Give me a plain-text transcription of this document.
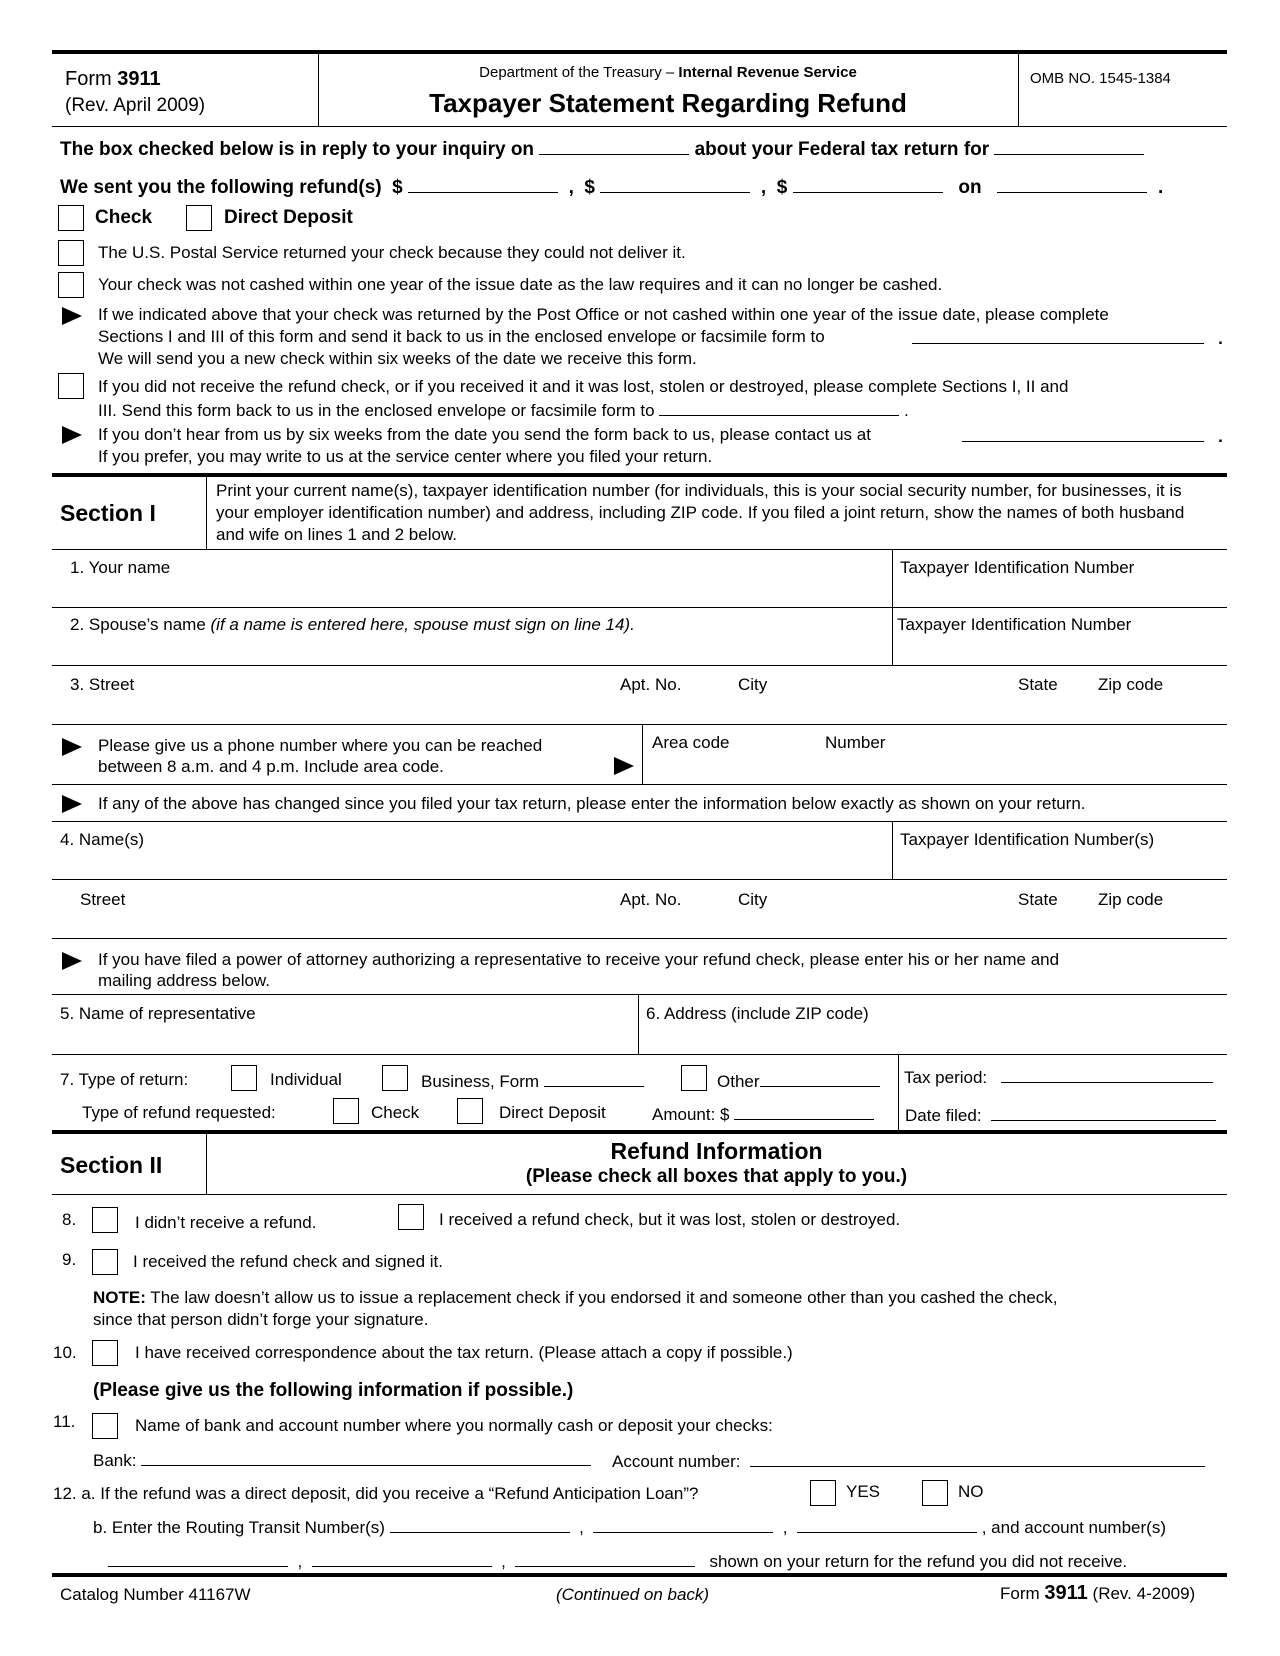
Form 3911
(Rev. April 2009)
Department of the Treasury – Internal Revenue Service
Taxpayer Statement Regarding Refund
OMB NO. 1545-1384
The box checked below is in reply to your inquiry on	about your Federal tax return for
We sent you the following refund(s) $	, $	, $	on	.
Check	Direct Deposit
The U.S. Postal Service returned your check because they could not deliver it.
Your check was not cashed within one year of the issue date as the law requires and it can no longer be cashed.
If we indicated above that your check was returned by the Post Office or not cashed within one year of the issue date, please complete
Sections I and III of this form and send it back to us in the enclosed envelope or facsimile form to	.
We will send you a new check within six weeks of the date we receive this form.
If you did not receive the refund check, or if you received it and it was lost, stolen or destroyed, please complete Sections I, II and
III. Send this form back to us in the enclosed envelope or facsimile form to	.
If you don’t hear from us by six weeks from the date you send the form back to us, please contact us at	.
If you prefer, you may write to us at the service center where you filed your return.
Section I
Print your current name(s), taxpayer identification number (for individuals, this is your social security number, for businesses, it is your employer identification number) and address, including ZIP code. If you filed a joint return, show the names of both husband and wife on lines 1 and 2 below.
1. Your name	Taxpayer Identification Number
2. Spouse’s name (if a name is entered here, spouse must sign on line 14).	Taxpayer Identification Number
3. Street	Apt. No.	City	State Zip code
Please give us a phone number where you can be reached
between 8 a.m. and 4 p.m. Include area code.
Area code	Number
If any of the above has changed since you filed your tax return, please enter the information below exactly as shown on your return.
4. Name(s)	Taxpayer Identification Number(s)
Street	Apt. No.	City	State Zip code
If you have filed a power of attorney authorizing a representative to receive your refund check, please enter his or her name and
mailing address below.
5. Name of representative	6. Address (include ZIP code)
7. Type of return:	Individual	Business, Form	Other	Tax period:
Type of refund requested:	Check	Direct Deposit	Amount: $	Date filed:
Section II
Refund Information
(Please check all boxes that apply to you.)
8.	I didn’t receive a refund.	I received a refund check, but it was lost, stolen or destroyed.
9.	I received the refund check and signed it.
NOTE: The law doesn’t allow us to issue a replacement check if you endorsed it and someone other than you cashed the check,
since that person didn’t forge your signature.
10.	I have received correspondence about the tax return. (Please attach a copy if possible.)
(Please give us the following information if possible.)
11.	Name of bank and account number where you normally cash or deposit your checks:
Bank:	Account number:
12. a. If the refund was a direct deposit, did you receive a “Refund Anticipation Loan”?	YES	NO
b. Enter the Routing Transit Number(s)	,	,	, and account number(s)
,	,	shown on your return for the refund you did not receive.
Catalog Number 41167W	(Continued on back)	Form 3911 (Rev. 4-2009)
